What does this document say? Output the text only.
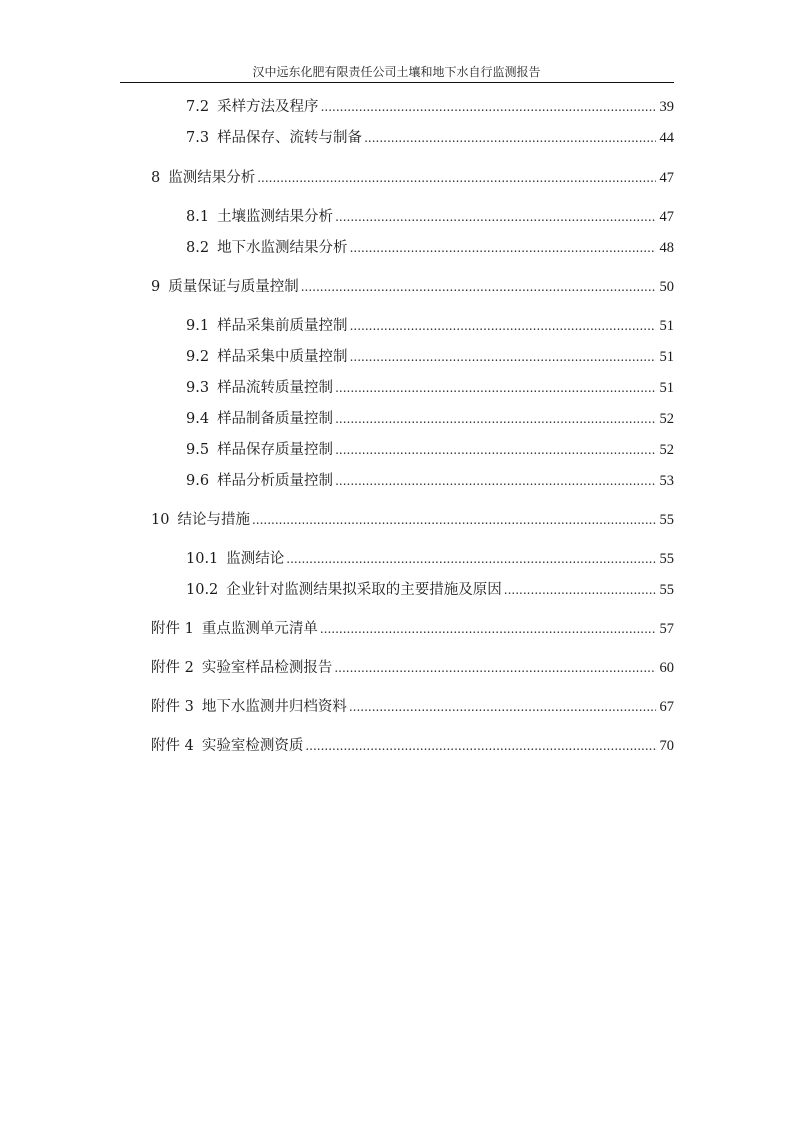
汉中远东化肥有限责任公司土壤和地下水自行监测报告
7.2 采样方法及程序 .....	39
7.3 样品保存、流转与制备 .....	44
8 监测结果分析 .....	47
8.1 土壤监测结果分析 .....	47
8.2 地下水监测结果分析 .....	48
9 质量保证与质量控制 .....	50
9.1 样品采集前质量控制 .....	51
9.2 样品采集中质量控制 .....	51
9.3 样品流转质量控制 .....	51
9.4 样品制备质量控制 .....	52
9.5 样品保存质量控制 .....	52
9.6 样品分析质量控制 .....	53
10 结论与措施 .....	55
10.1 监测结论 .....	55
10.2 企业针对监测结果拟采取的主要措施及原因 .....	55
附件 1 重点监测单元清单 .....	57
附件 2 实验室样品检测报告 .....	60
附件 3 地下水监测井归档资料 .....	67
附件 4 实验室检测资质 .....	70
